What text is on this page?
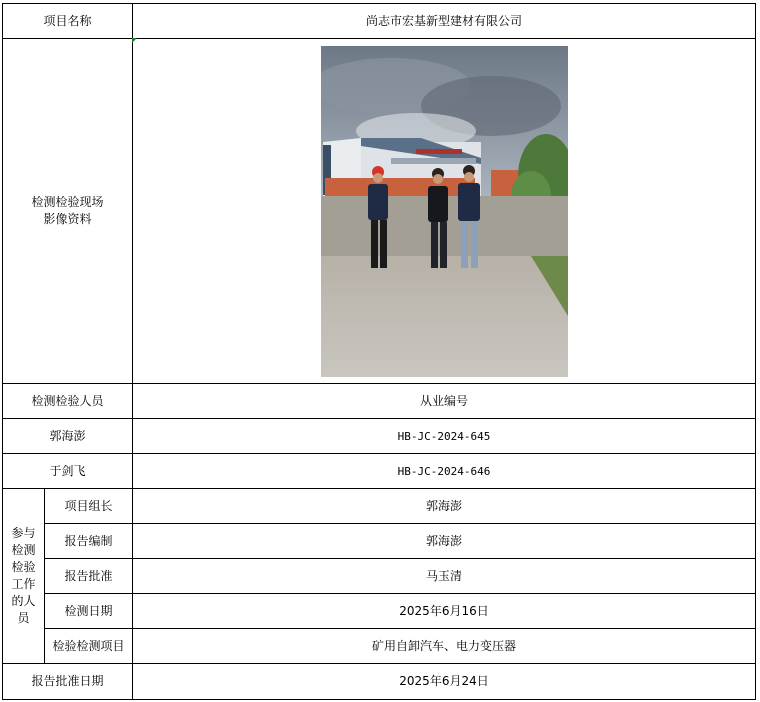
项目名称		尚志市宏基新型建材有限公司

检测检验现场影像资料

检测检验人员		从业编号
郭海澎		HB-JC-2024-645
于剑飞		HB-JC-2024-646

参与检测检验工作的人员	项目组长	郭海澎
	报告编制	郭海澎
	报告批准	马玉清
	检测日期	2025年6月16日
	检验检测项目	矿用自卸汽车、电力变压器
报告批准日期		2025年6月24日
